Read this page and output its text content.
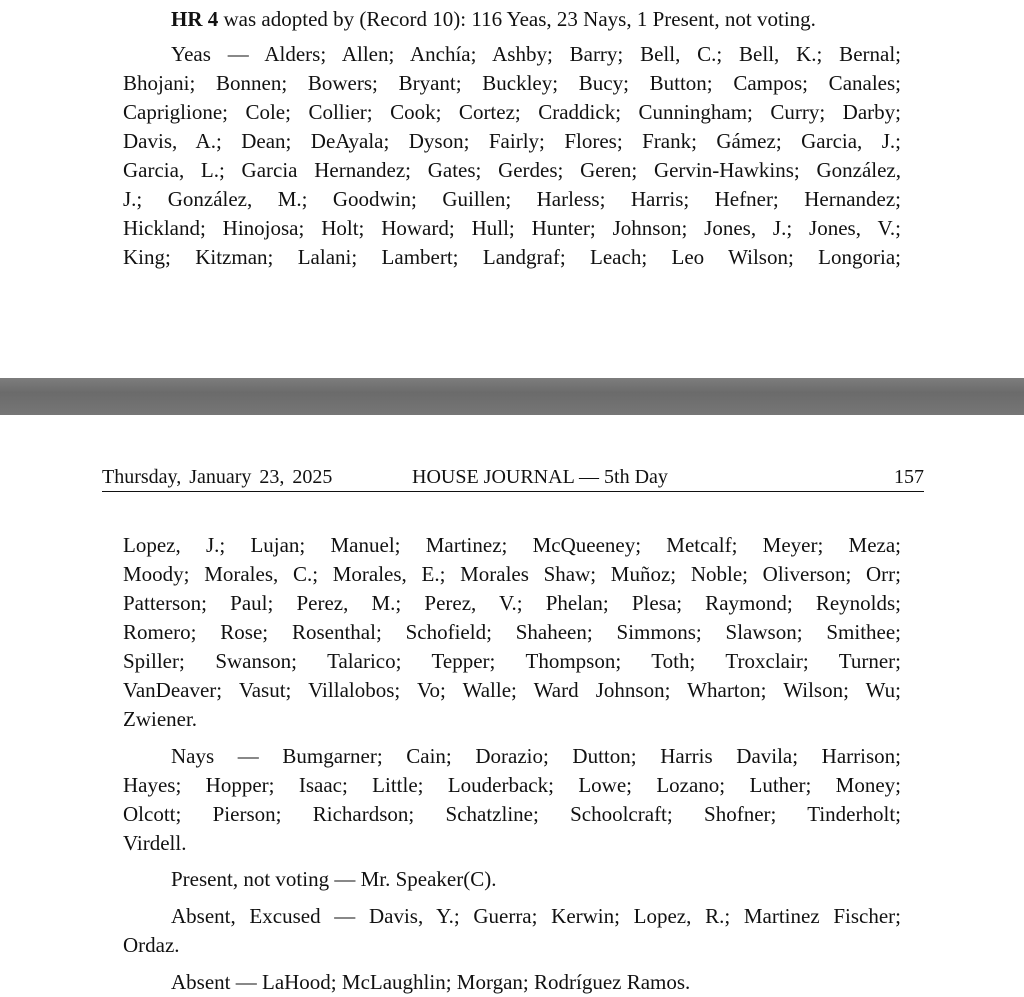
HR 4 was adopted by (Record 10): 116 Yeas, 23 Nays, 1 Present, not voting.
Yeas — Alders; Allen; Anchía; Ashby; Barry; Bell, C.; Bell, K.; Bernal;
Bhojani; Bonnen; Bowers; Bryant; Buckley; Bucy; Button; Campos; Canales;
Capriglione; Cole; Collier; Cook; Cortez; Craddick; Cunningham; Curry; Darby;
Davis, A.; Dean; DeAyala; Dyson; Fairly; Flores; Frank; Gámez; Garcia, J.;
Garcia, L.; Garcia Hernandez; Gates; Gerdes; Geren; Gervin-Hawkins; González,
J.; González, M.; Goodwin; Guillen; Harless; Harris; Hefner; Hernandez;
Hickland; Hinojosa; Holt; Howard; Hull; Hunter; Johnson; Jones, J.; Jones, V.;
King; Kitzman; Lalani; Lambert; Landgraf; Leach; Leo Wilson; Longoria;
Thursday, January 23, 2025	HOUSE JOURNAL — 5th Day	157
Lopez, J.; Lujan; Manuel; Martinez; McQueeney; Metcalf; Meyer; Meza;
Moody; Morales, C.; Morales, E.; Morales Shaw; Muñoz; Noble; Oliverson; Orr;
Patterson; Paul; Perez, M.; Perez, V.; Phelan; Plesa; Raymond; Reynolds;
Romero; Rose; Rosenthal; Schofield; Shaheen; Simmons; Slawson; Smithee;
Spiller; Swanson; Talarico; Tepper; Thompson; Toth; Troxclair; Turner;
VanDeaver; Vasut; Villalobos; Vo; Walle; Ward Johnson; Wharton; Wilson; Wu;
Zwiener.
Nays — Bumgarner; Cain; Dorazio; Dutton; Harris Davila; Harrison;
Hayes; Hopper; Isaac; Little; Louderback; Lowe; Lozano; Luther; Money;
Olcott; Pierson; Richardson; Schatzline; Schoolcraft; Shofner; Tinderholt;
Virdell.
Present, not voting — Mr. Speaker(C).
Absent, Excused — Davis, Y.; Guerra; Kerwin; Lopez, R.; Martinez Fischer;
Ordaz.
Absent — LaHood; McLaughlin; Morgan; Rodríguez Ramos.
